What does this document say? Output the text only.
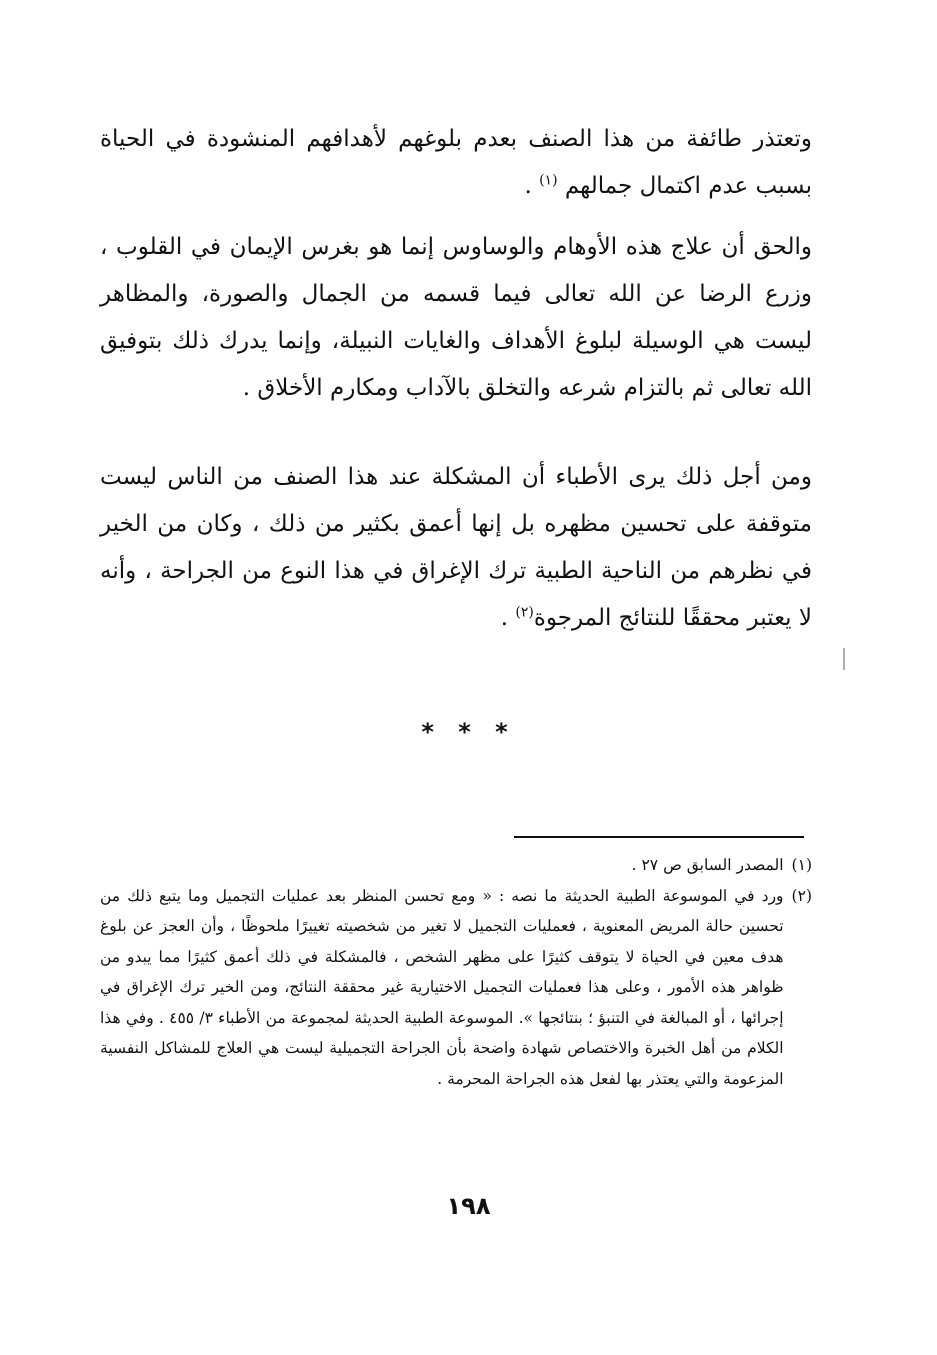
وتعتذر طائفة من هذا الصنف بعدم بلوغهم لأهدافهم المنشودة في الحياة بسبب عدم اكتمال جمالهم $^{(١)}$ .

والحق أن علاج هذه الأوهام والوساوس إنما هو بغرس الإيمان في القلوب ، وزرع الرضا عن الله تعالى فيما قسمه من الجمال والصورة، والمظاهر ليست هي الوسيلة لبلوغ الأهداف والغايات النبيلة، وإنما يدرك ذلك بتوفيق الله تعالى ثم بالتزام شرعه والتخلق بالآداب ومكارم الأخلاق .

ومن أجل ذلك يرى الأطباء أن المشكلة عند هذا الصنف من الناس ليست متوقفة على تحسين مظهره بل إنها أعمق بكثير من ذلك ، وكان من الخير في نظرهم من الناحية الطبية ترك الإغراق في هذا النوع من الجراحة ، وأنه لا يعتبر محققًا للنتائج المرجوة$^{(٢)}$ .

* * *
(١)
المصدر السابق ص ٢٧ .
(٢)
ورد في الموسوعة الطبية الحديثة ما نصه : « ومع تحسن المنظر بعد عمليات التجميل وما يتبع ذلك من تحسين حالة المريض المعنوية ، فعمليات التجميل لا تغير من شخصيته تغييرًا ملحوظًا ، وأن العجز عن بلوغ هدف معين في الحياة لا يتوقف كثيرًا على مظهر الشخص ، فالمشكلة في ذلك أعمق كثيرًا مما يبدو من ظواهر هذه الأمور ، وعلى هذا فعمليات التجميل الاختيارية غير محققة النتائج، ومن الخير ترك الإغراق في إجرائها ، أو المبالغة في التنبؤ ؛ بنتائجها ». الموسوعة الطبية الحديثة لمجموعة من الأطباء ٣/ ٤٥٥ . وفي هذا الكلام من أهل الخبرة والاختصاص شهادة واضحة بأن الجراحة التجميلية ليست هي العلاج للمشاكل النفسية المزعومة والتي يعتذر بها لفعل هذه الجراحة المحرمة .
١٩٨
